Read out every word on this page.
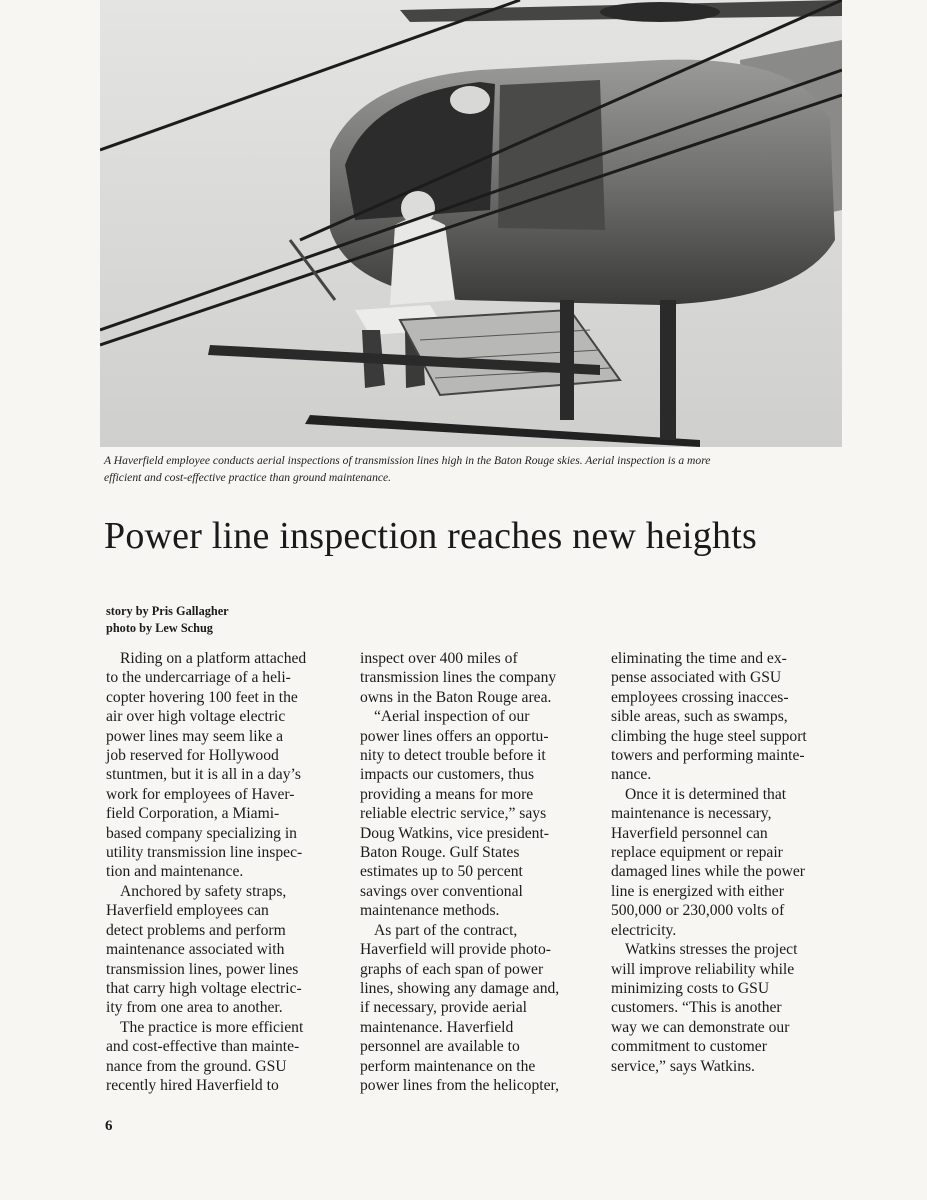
A Haverfield employee conducts aerial inspections of transmission lines high in the Baton Rouge skies. Aerial inspection is a more
efficient and cost-effective practice than ground maintenance.
Power line inspection reaches new heights
story by Pris Gallagher
photo by Lew Schug

Riding on a platform attached

to the undercarriage of a heli-
copter hovering 100 feet in the
air over high voltage electric
power lines may seem like a
job reserved for Hollywood
stuntmen, but it is all in a day’s
work for employees of Haver-
field Corporation, a Miami-
based company specializing in
utility transmission line inspec-
tion and maintenance.

Anchored by safety straps,

Haverfield employees can
detect problems and perform
maintenance associated with
transmission lines, power lines
that carry high voltage electric-
ity from one area to another.

The practice is more efficient

and cost-effective than mainte-
nance from the ground. GSU
recently hired Haverfield to

inspect over 400 miles of
transmission lines the company
owns in the Baton Rouge area.

“Aerial inspection of our

power lines offers an opportu-
nity to detect trouble before it
impacts our customers, thus
providing a means for more
reliable electric service,” says
Doug Watkins, vice president-
Baton Rouge. Gulf States
estimates up to 50 percent
savings over conventional
maintenance methods.

As part of the contract,

Haverfield will provide photo-
graphs of each span of power
lines, showing any damage and,
if necessary, provide aerial
maintenance. Haverfield
personnel are available to
perform maintenance on the
power lines from the helicopter,

eliminating the time and ex-
pense associated with GSU
employees crossing inacces-
sible areas, such as swamps,
climbing the huge steel support
towers and performing mainte-
nance.

Once it is determined that

maintenance is necessary,
Haverfield personnel can
replace equipment or repair
damaged lines while the power
line is energized with either
500,000 or 230,000 volts of
electricity.

Watkins stresses the project

will improve reliability while
minimizing costs to GSU
customers. “This is another
way we can demonstrate our
commitment to customer
service,” says Watkins.

6
